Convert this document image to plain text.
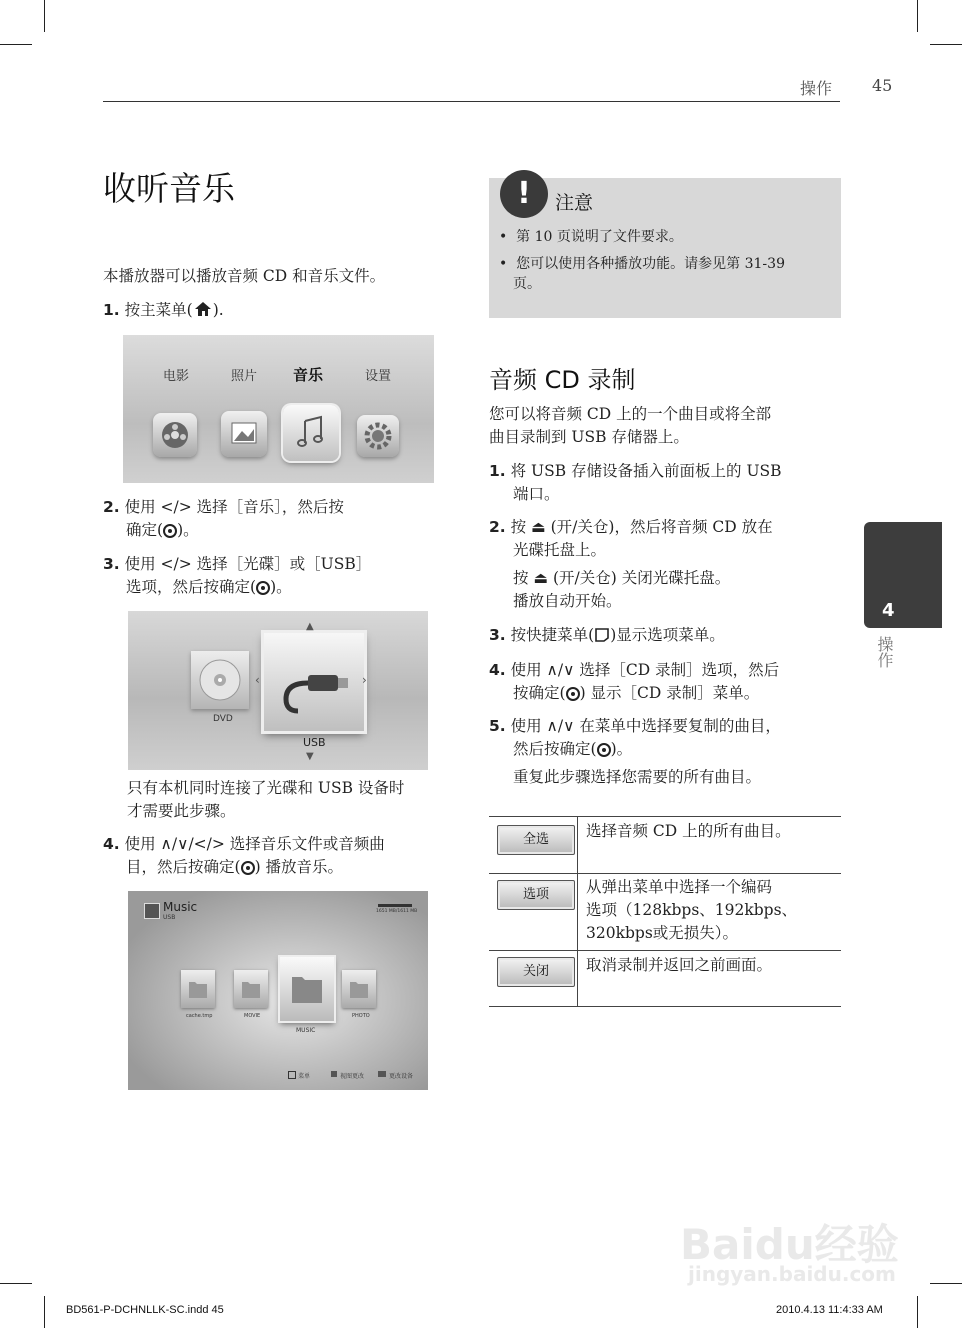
操作 45
收听音乐
本播放器可以播放音频 CD 和音乐文件。
1. 按主菜单( ).
电影	照片 音乐	设置
2. 使用 </> 选择［音乐］，然后按
确定( )。
3. 使用 </> 选择［光碟］或［USB］
选项，然后按确定( )。
DVD
▲
‹	›
USB
▼
只有本机同时连接了光碟和 USB 设备时
才需要此步骤。
4. 使用 ∧/∨/</> 选择音乐文件或音频曲
目，然后按确定( ) 播放音乐。
Music
USB
1651 MB/1611 MB
cache.tmp	MOVIE
MUSIC
PHOTO
菜单	视图更改	更改设备
!	注意
•  第 10 页说明了文件要求。
•  您可以使用各种播放功能。请参见第 31-39
页。
音频 CD 录制
您可以将音频 CD 上的一个曲目或将全部
曲目录制到 USB 存储器上。
1. 将 USB 存储设备插入前面板上的 USB
端口。
2. 按 ⏏ (开/关仓)，然后将音频 CD 放在
光碟托盘上。
按 ⏏ (开/关仓) 关闭光碟托盘。
播放自动开始。
3. 按快捷菜单( )显示选项菜单。
4. 使用 ∧/∨ 选择［CD 录制］选项，然后
按确定( ) 显示［CD 录制］菜单。
5. 使用 ∧/∨ 在菜单中选择要复制的曲目，
然后按确定( )。
重复此步骤选择您需要的所有曲目。
全选	选择音频 CD 上的所有曲目。
选项	从弹出菜单中选择一个编码
选项（128kbps、192kbps、
320kbps或无损失）。
关闭	取消录制并返回之前画面。
4
操作
Baidu经验
jingyan.baidu.com
BD561-P-DCHNLLK-SC.indd 45	2010.4.13 11:4:33 AM
